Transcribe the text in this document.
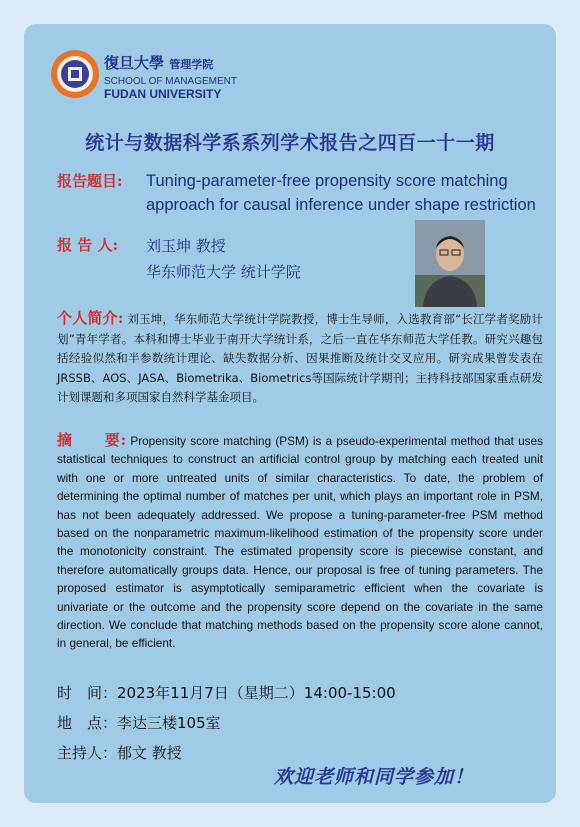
復旦大學 管理学院
SCHOOL OF MANAGEMENT
FUDAN UNIVERSITY
统计与数据科学系系列学术报告之四百一十一期
报告题目: Tuning-parameter-free propensity score matching
approach for causal inference under shape restriction
报 告 人: 刘玉坤 教授
华东师范大学 统计学院
个人简介: 刘玉坤，华东师范大学统计学院教授，博士生导师，入选教育部“长江学者奖励计划”青年学者。本科和博士毕业于南开大学统计系，之后一直在华东师范大学任教。研究兴趣包括经验似然和半参数统计理论、缺失数据分析、因果推断及统计交叉应用。研究成果曾发表在JRSSB、AOS、JASA、Biometrika、Biometrics等国际统计学期刊；主持科技部国家重点研发计划课题和多项国家自然科学基金项目。
摘　　要: Propensity score matching (PSM) is a pseudo-experimental method that uses statistical techniques to construct an artificial control group by matching each treated unit with one or more untreated units of similar characteristics. To date, the problem of determining the optimal number of matches per unit, which plays an important role in PSM, has not been adequately addressed. We propose a tuning-parameter-free PSM method based on the nonparametric maximum-likelihood estimation of the propensity score under the monotonicity constraint. The estimated propensity score is piecewise constant, and therefore automatically groups data. Hence, our proposal is free of tuning parameters. The proposed estimator is asymptotically semiparametric efficient when the covariate is univariate or the outcome and the propensity score depend on the covariate in the same direction. We conclude that matching methods based on the propensity score alone cannot, in general, be efficient.
时　间：2023年11月7日（星期二）14:00-15:00
地　点：李达三楼105室
主持人：郁文 教授
欢迎老师和同学参加！
